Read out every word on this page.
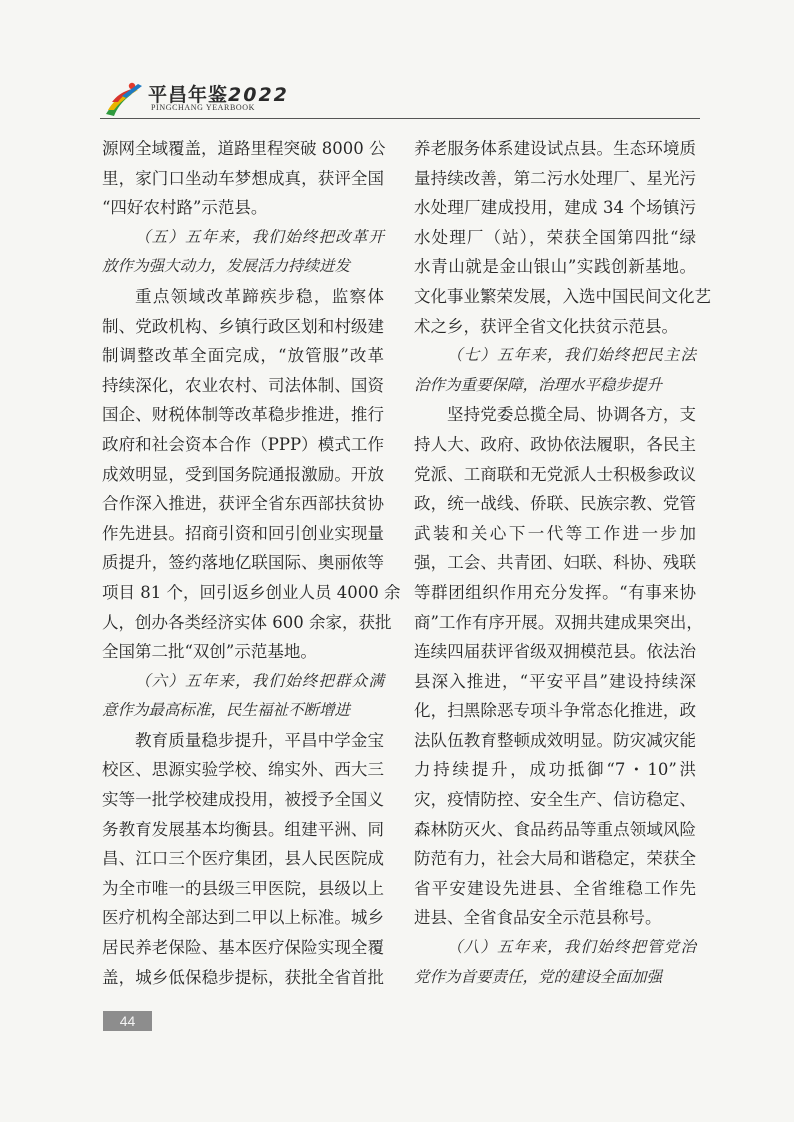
平昌年鉴2022
PINGCHANG YEARBOOK
源网全域覆盖，道路里程突破 8000 公
里，家门口坐动车梦想成真，获评全国
“四好农村路”示范县。
（五）五年来，我们始终把改革开
放作为强大动力，发展活力持续迸发
重点领域改革蹄疾步稳，监察体
制、党政机构、乡镇行政区划和村级建
制调整改革全面完成，“放管服”改革
持续深化，农业农村、司法体制、国资
国企、财税体制等改革稳步推进，推行
政府和社会资本合作（PPP）模式工作
成效明显，受到国务院通报激励。开放
合作深入推进，获评全省东西部扶贫协
作先进县。招商引资和回引创业实现量
质提升，签约落地亿联国际、奥丽侬等
项目 81 个，回引返乡创业人员 4000 余
人，创办各类经济实体 600 余家，获批
全国第二批“双创”示范基地。
（六）五年来，我们始终把群众满
意作为最高标准，民生福祉不断增进
教育质量稳步提升，平昌中学金宝
校区、思源实验学校、绵实外、西大三
实等一批学校建成投用，被授予全国义
务教育发展基本均衡县。组建平洲、同
昌、江口三个医疗集团，县人民医院成
为全市唯一的县级三甲医院，县级以上
医疗机构全部达到二甲以上标准。城乡
居民养老保险、基本医疗保险实现全覆
盖，城乡低保稳步提标，获批全省首批
养老服务体系建设试点县。生态环境质
量持续改善，第二污水处理厂、星光污
水处理厂建成投用，建成 34 个场镇污
水处理厂（站），荣获全国第四批“绿
水青山就是金山银山”实践创新基地。
文化事业繁荣发展，入选中国民间文化艺
术之乡，获评全省文化扶贫示范县。
（七）五年来，我们始终把民主法
治作为重要保障，治理水平稳步提升
坚持党委总揽全局、协调各方，支
持人大、政府、政协依法履职，各民主
党派、工商联和无党派人士积极参政议
政，统一战线、侨联、民族宗教、党管
武装和关心下一代等工作进一步加
强，工会、共青团、妇联、科协、残联
等群团组织作用充分发挥。“有事来协
商”工作有序开展。双拥共建成果突出，
连续四届获评省级双拥模范县。依法治
县深入推进，“平安平昌”建设持续深
化，扫黑除恶专项斗争常态化推进，政
法队伍教育整顿成效明显。防灾减灾能
力持续提升，成功抵御“7・10”洪
灾，疫情防控、安全生产、信访稳定、
森林防灭火、食品药品等重点领域风险
防范有力，社会大局和谐稳定，荣获全
省平安建设先进县、全省维稳工作先
进县、全省食品安全示范县称号。
（八）五年来，我们始终把管党治
党作为首要责任，党的建设全面加强
44
